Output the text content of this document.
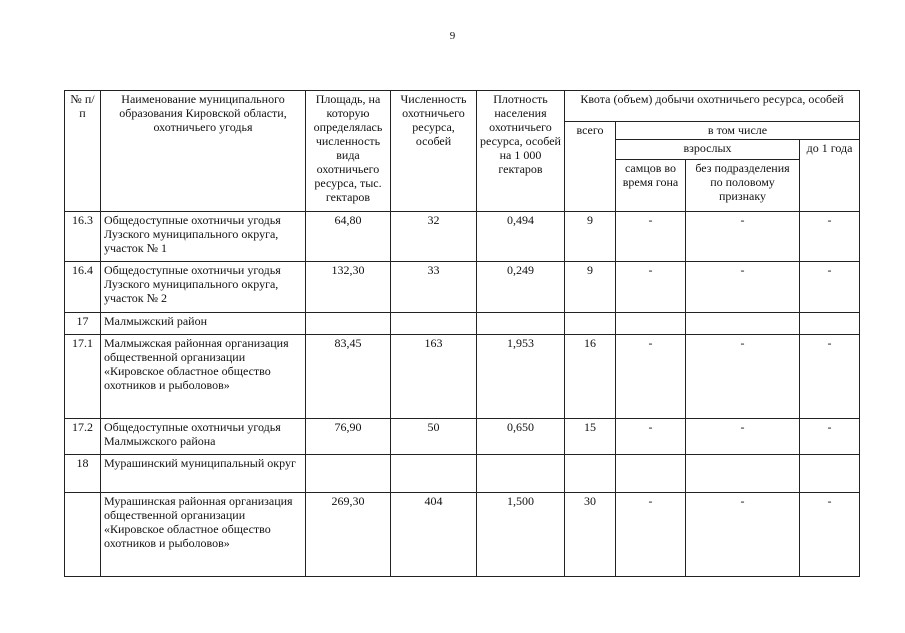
9
№ п/п	Наименование муниципального образования Кировской области, охотничьего угодья	Площадь, на которую определялась численность вида охотничьего ресурса, тыс. гектаров	Численность охотничьего ресурса, особей	Плотность населения охотничьего ресурса, особей на 1 000 гектаров	Квота (объем) добычи охотничьего ресурса, особей			
					всего	в том числе		
						взрослых		до 1 года
						самцов во время гона	без подразделения по половому признаку	
16.3	Общедоступные охотничьи угодья Лузского муниципального округа, участок № 1	64,80	32	0,494	9	-	-	-
16.4	Общедоступные охотничьи угодья Лузского муниципального округа, участок № 2	132,30	33	0,249	9	-	-	-
17	Малмыжский район							
17.1	Малмыжская районная организация общественной организации «Кировское областное общество охотников и рыболовов»	83,45	163	1,953	16	-	-	-
17.2	Общедоступные охотничьи угодья Малмыжского района	76,90	50	0,650	15	-	-	-
18	Мурашинский муниципальный округ							
	Мурашинская районная организация общественной организации «Кировское областное общество охотников и рыболовов»	269,30	404	1,500	30	-	-	-
